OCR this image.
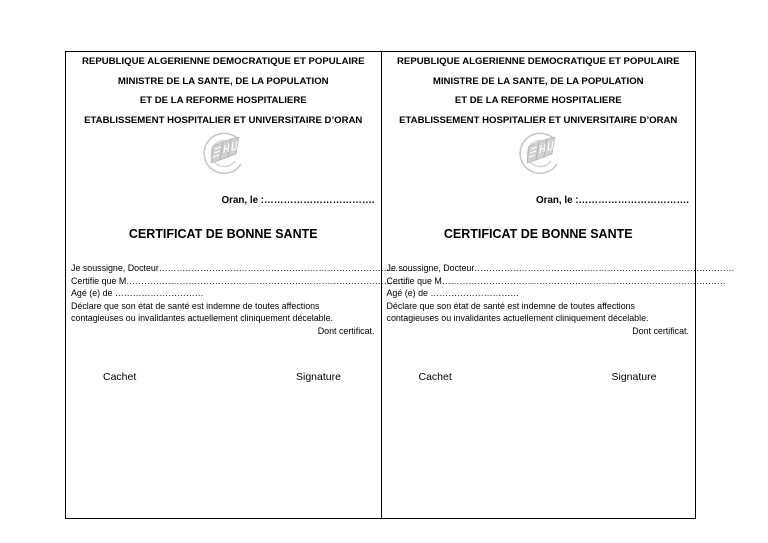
REPUBLIQUE ALGERIENNE DEMOCRATIQUE ET POPULAIRE
MINISTRE DE LA SANTE, DE LA POPULATION
ET DE LA REFORME HOSPITALIERE
ETABLISSEMENT HOSPITALIER ET UNIVERSITAIRE D’ORAN
Oran, le :…………………………….
CERTIFICAT DE BONNE SANTE
Je soussigne, Docteur……………………………………………………………………………
Certifie que M……………………………………………………………………………………
Agé (e) de …………………………
Déclare que son état de santé est indemne de toutes affections
contagieuses ou invalidantes actuellement cliniquement décelable.
Dont certificat.
Cachet	Signature
REPUBLIQUE ALGERIENNE DEMOCRATIQUE ET POPULAIRE
MINISTRE DE LA SANTE, DE LA POPULATION
ET DE LA REFORME HOSPITALIERE
ETABLISSEMENT HOSPITALIER ET UNIVERSITAIRE D’ORAN
Oran, le :…………………………….
CERTIFICAT DE BONNE SANTE
Je soussigne, Docteur…………………………………………………………………………….
Certifie que M……………………………………………………………………………………
Agé (e) de …………………………
Déclare que son état de santé est indemne de toutes affections
contagieuses ou invalidantes actuellement cliniquement décelable.
Dont certificat.
Cachet	Signature
